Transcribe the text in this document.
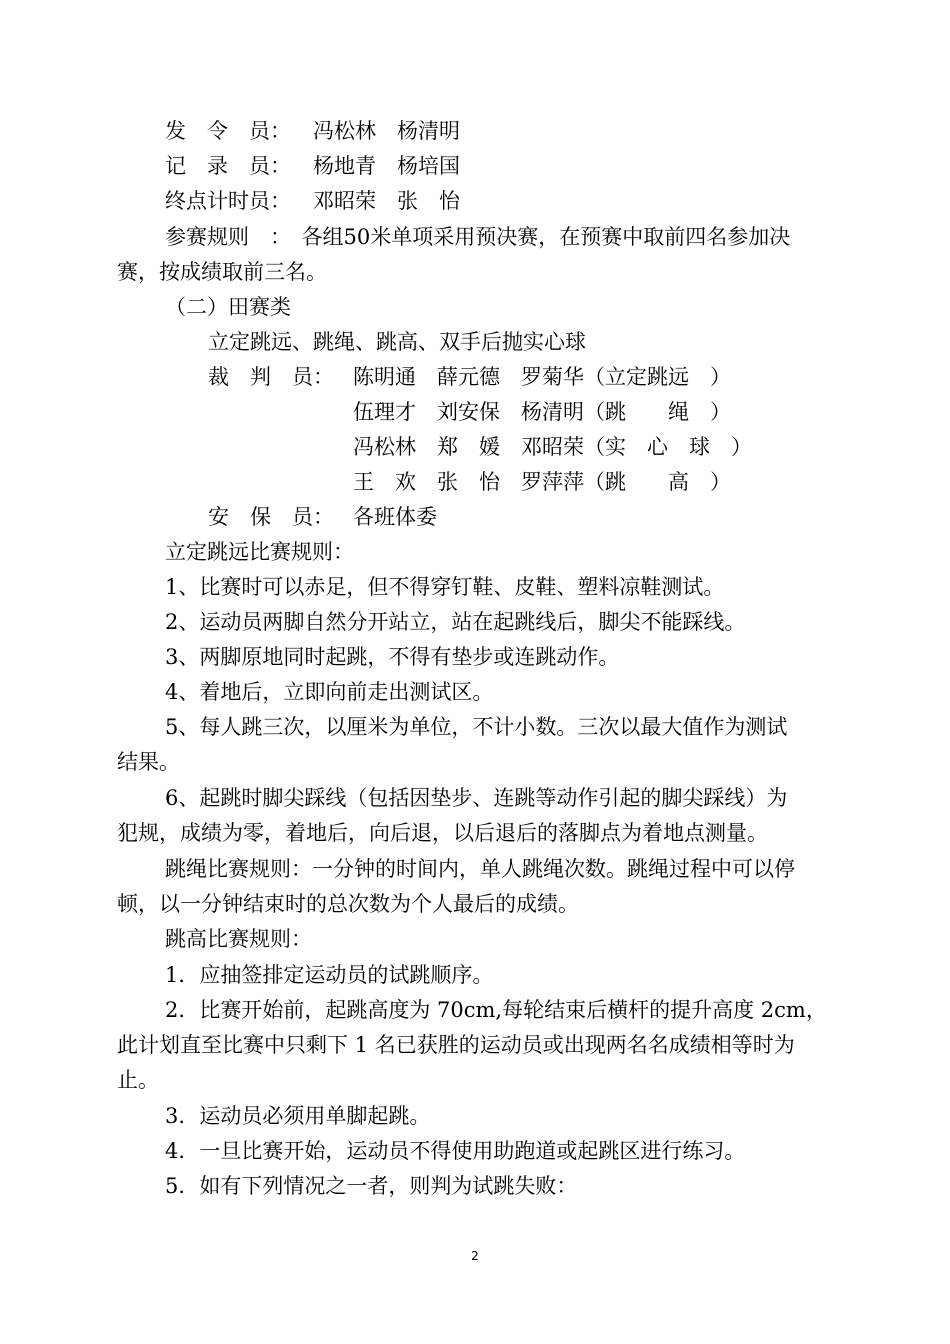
发　令　员： 冯松林　杨清明
记　录　员： 杨地青　杨培国
终点计时员： 邓昭荣　张　怡
参赛规则　：　各组50米单项采用预决赛，在预赛中取前四名参加决
赛，按成绩取前三名。
（二）田赛类
立定跳远、跳绳、跳高、双手后抛实心球
裁　判　员： 陈明通　薛元德　罗菊华（立定跳远　）
伍理才　刘安保　杨清明（跳　　绳　）
冯松林　郑　媛　邓昭荣（实　心　球　）
王　欢　张　怡　罗萍萍（跳　　高　）
安　保　员： 各班体委
立定跳远比赛规则：
1、比赛时可以赤足，但不得穿钉鞋、皮鞋、塑料凉鞋测试。
2、运动员两脚自然分开站立，站在起跳线后，脚尖不能踩线。
3、两脚原地同时起跳，不得有垫步或连跳动作。
4、着地后，立即向前走出测试区。
5、每人跳三次，以厘米为单位，不计小数。三次以最大值作为测试
结果。
6、起跳时脚尖踩线（包括因垫步、连跳等动作引起的脚尖踩线）为
犯规，成绩为零，着地后，向后退，以后退后的落脚点为着地点测量。
跳绳比赛规则：一分钟的时间内，单人跳绳次数。跳绳过程中可以停
顿，以一分钟结束时的总次数为个人最后的成绩。
跳高比赛规则：
1．应抽签排定运动员的试跳顺序。
2．比赛开始前，起跳高度为 70cm,每轮结束后横杆的提升高度 2cm，
此计划直至比赛中只剩下 1 名已获胜的运动员或出现两名名成绩相等时为
止。
3．运动员必须用单脚起跳。
4．一旦比赛开始，运动员不得使用助跑道或起跳区进行练习。
5．如有下列情况之一者，则判为试跳失败：
2
